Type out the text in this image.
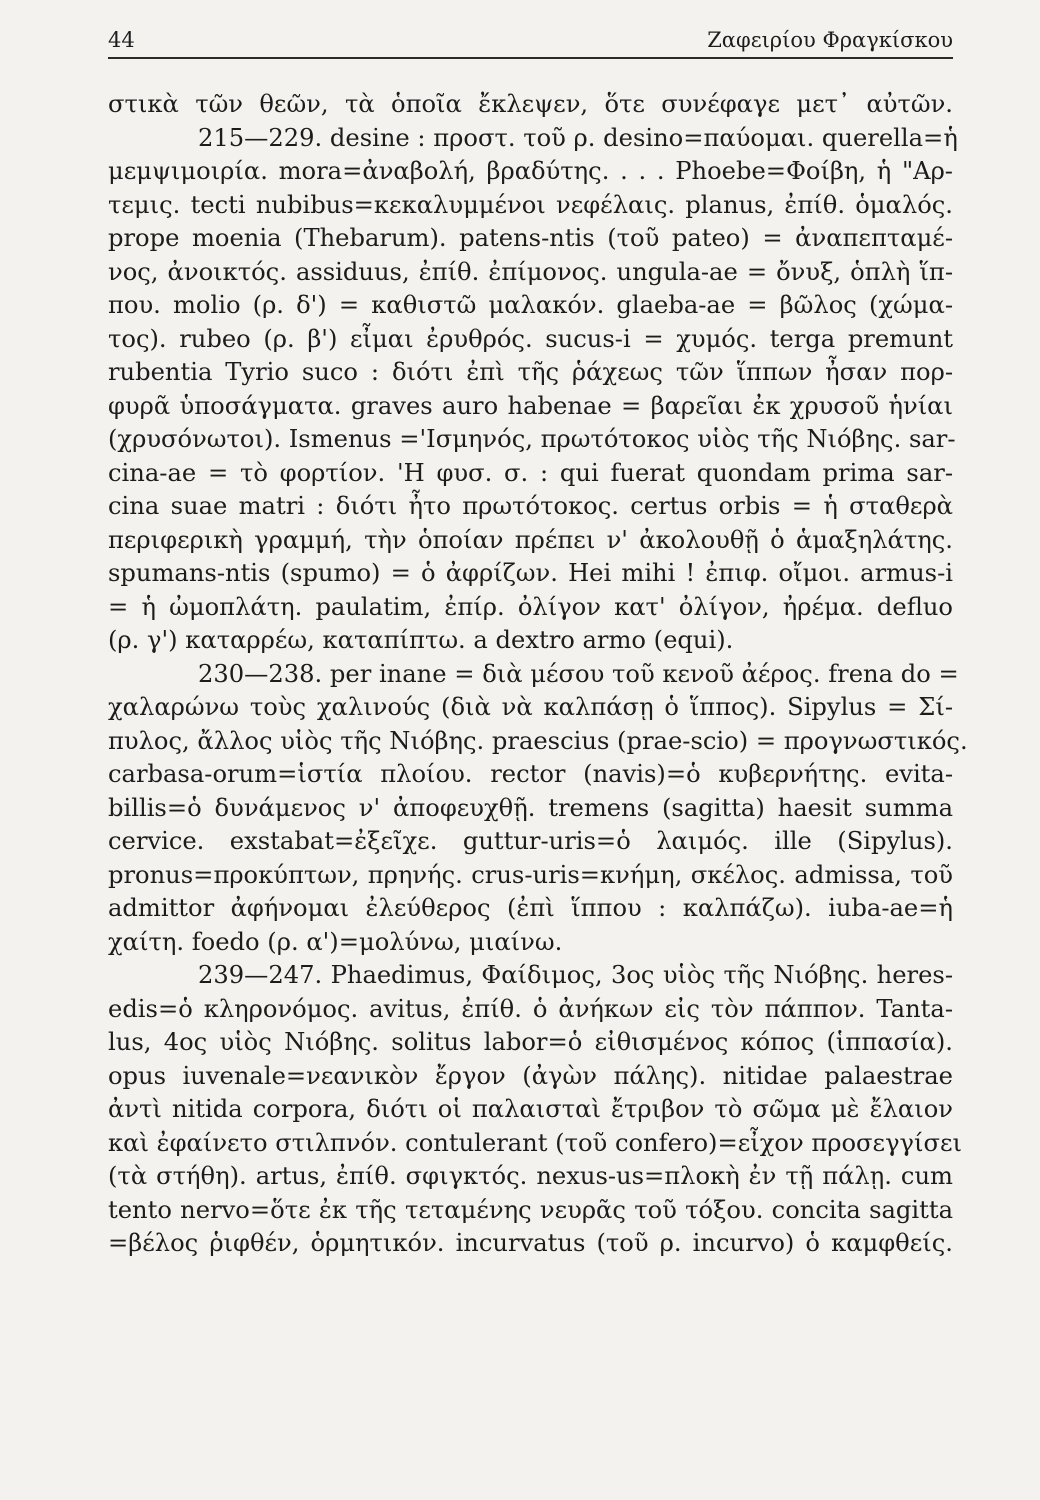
44	Ζαφειρίου Φραγκίσκου
στικὰ τῶν θεῶν, τὰ ὁποῖα ἔκλεψεν, ὅτε συνέφαγε μετ᾿ αὐτῶν.
215—229. desine : προστ. τοῦ ρ. desino=παύομαι. querella=ἡ
μεμψιμοιρία. mora=ἀναβολή, βραδύτης. . . . Phoebe=Φοίβη, ἡ "Αρ-
τεμις. tecti nubibus=κεκαλυμμένοι νεφέλαις. planus, ἐπίθ. ὁμαλός.
prope moenia (Thebarum). patens-ntis (τοῦ pateo) = ἀναπεπταμέ-
νος, ἀνοικτός. assiduus, ἐπίθ. ἐπίμονος. ungula-ae = ὄνυξ, ὁπλὴ ἵπ-
που. molio (ρ. δ') = καθιστῶ μαλακόν. glaeba-ae = βῶλος (χώμα-
τος). rubeo (ρ. β') εἶμαι ἐρυθρός. sucus-i = χυμός. terga premunt
rubentia Tyrio suco : διότι ἐπὶ τῆς ῥάχεως τῶν ἵππων ἦσαν πορ-
φυρᾶ ὑποσάγματα. graves auro habenae = βαρεῖαι ἐκ χρυσοῦ ἡνίαι
(χρυσόνωτοι). Ismenus ='Ισμηνός, πρωτότοκος υἱὸς τῆς Νιόβης. sar-
cina-ae = τὸ φορτίον. 'Η φυσ. σ. : qui fuerat quondam prima sar-
cina suae matri : διότι ἦτο πρωτότοκος. certus orbis = ἡ σταθερὰ
περιφερικὴ γραμμή, τὴν ὁποίαν πρέπει ν' ἀκολουθῇ ὁ ἁμαξηλάτης.
spumans-ntis (spumo) = ὁ ἀφρίζων. Hei mihi ! ἐπιφ. οἴμοι. armus-i
= ἡ ὠμοπλάτη. paulatim, ἐπίρ. ὀλίγον κατ' ὀλίγον, ἠρέμα. defluo
(ρ. γ') καταρρέω, καταπίπτω. a dextro armo (equi).
230—238. per inane = διὰ μέσου τοῦ κενοῦ ἀέρος. frena do =
χαλαρώνω τοὺς χαλινούς (διὰ νὰ καλπάσῃ ὁ ἵππος). Sipylus = Σί-
πυλος, ἄλλος υἱὸς τῆς Νιόβης. praescius (prae-scio) = προγνωστικός.
carbasa-orum=ἱστία πλοίου. rector (navis)=ὁ κυβερνήτης. evita-
billis=ὁ δυνάμενος ν' ἀποφευχθῇ. tremens (sagitta) haesit summa
cervice. exstabat=ἐξεῖχε. guttur-uris=ὁ λαιμός. ille (Sipylus).
pronus=προκύπτων, πρηνής. crus-uris=κνήμη, σκέλος. admissa, τοῦ
admittor ἀφήνομαι ἐλεύθερος (ἐπὶ ἵππου : καλπάζω). iuba-ae=ἡ
χαίτη. foedo (ρ. α')=μολύνω, μιαίνω.
239—247. Phaedimus, Φαίδιμος, 3ος υἱὸς τῆς Νιόβης. heres-
edis=ὁ κληρονόμος. avitus, ἐπίθ. ὁ ἀνήκων εἰς τὸν πάππον. Tanta-
lus, 4ος υἱὸς Νιόβης. solitus labor=ὁ εἰθισμένος κόπος (ἱππασία).
opus iuvenale=νεανικὸν ἔργον (ἀγὼν πάλης). nitidae palaestrae
ἀντὶ nitida corpora, διότι οἱ παλαισταὶ ἔτριβον τὸ σῶμα μὲ ἔλαιον
καὶ ἐφαίνετο στιλπνόν. contulerant (τοῦ confero)=εἶχον προσεγγίσει
(τὰ στήθη). artus, ἐπίθ. σφιγκτός. nexus-us=πλοκὴ ἐν τῇ πάλῃ. cum
tento nervo=ὅτε ἐκ τῆς τεταμένης νευρᾶς τοῦ τόξου. concita sagitta
=βέλος ῥιφθέν, ὁρμητικόν. incurvatus (τοῦ ρ. incurvo) ὁ καμφθείς.
